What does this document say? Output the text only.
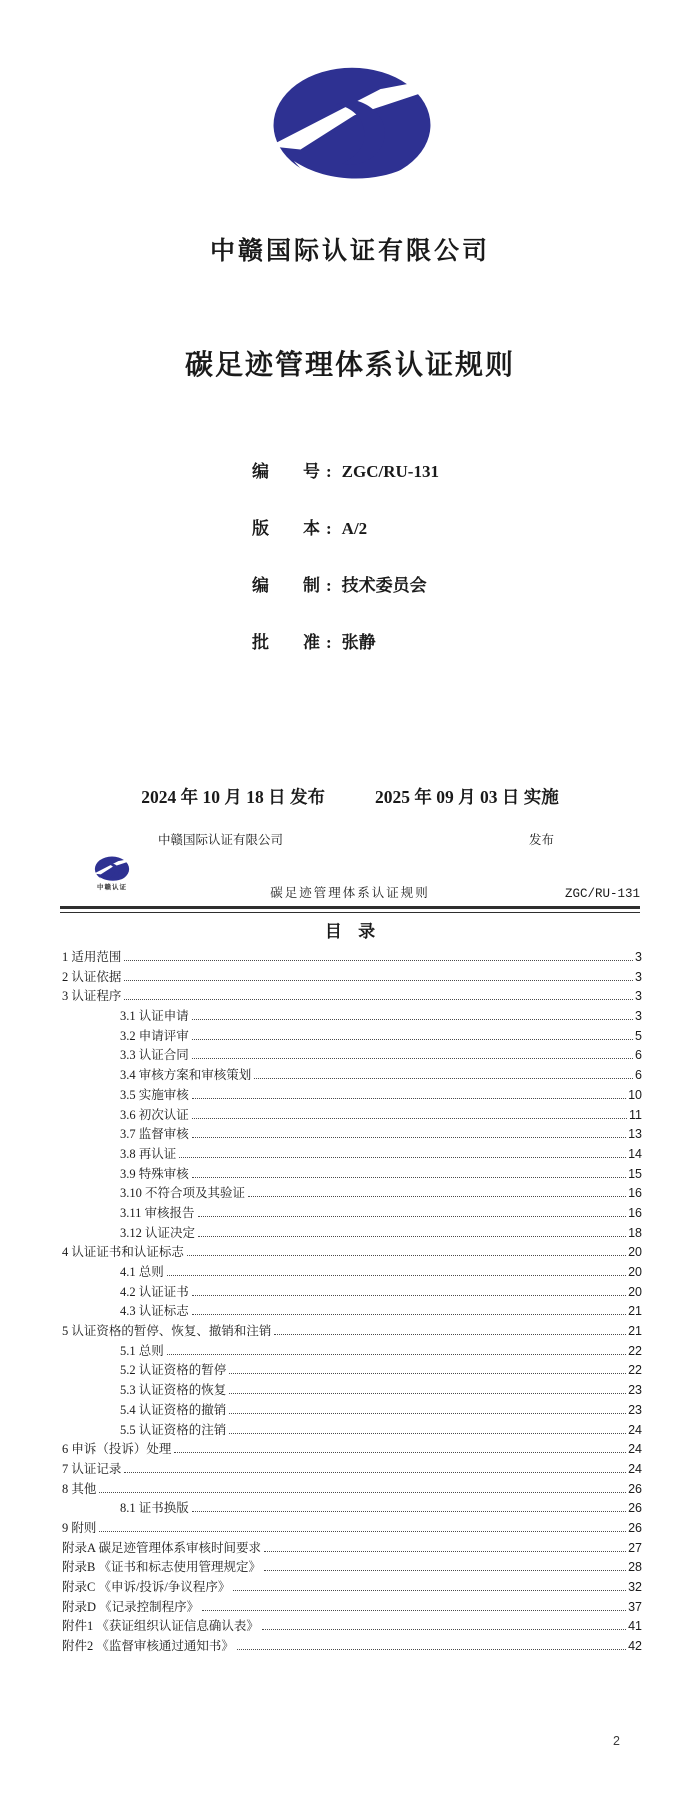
中赣国际认证有限公司
碳足迹管理体系认证规则
编　　号 : ZGC/RU-131
版　　本 : A/2
编　　制 : 技术委员会
批　　准 : 张静
2024 年 10 月 18 日 发布	2025 年 09 月 03 日 实施
中赣国际认证有限公司	发布
中赣认证	碳足迹管理体系认证规则	ZGC/RU-131
目 录
1 适用范围	3
2 认证依据	3
3 认证程序	3
3.1 认证申请	3
3.2 申请评审	5
3.3 认证合同	6
3.4 审核方案和审核策划	6
3.5 实施审核	10
3.6 初次认证	11
3.7 监督审核	13
3.8 再认证	14
3.9 特殊审核	15
3.10 不符合项及其验证	16
3.11 审核报告	16
3.12 认证决定	18
4 认证证书和认证标志	20
4.1 总则	20
4.2 认证证书	20
4.3 认证标志	21
5 认证资格的暂停、恢复、撤销和注销	21
5.1 总则	22
5.2 认证资格的暂停	22
5.3 认证资格的恢复	23
5.4 认证资格的撤销	23
5.5 认证资格的注销	24
6 申诉（投诉）处理	24
7 认证记录	24
8 其他	26
8.1 证书换版	26
9 附则	26
附录A 碳足迹管理体系审核时间要求	27
附录B 《证书和标志使用管理规定》	28
附录C 《申诉/投诉/争议程序》	32
附录D 《记录控制程序》	37
附件1 《获证组织认证信息确认表》	41
附件2 《监督审核通过通知书》	42
2
